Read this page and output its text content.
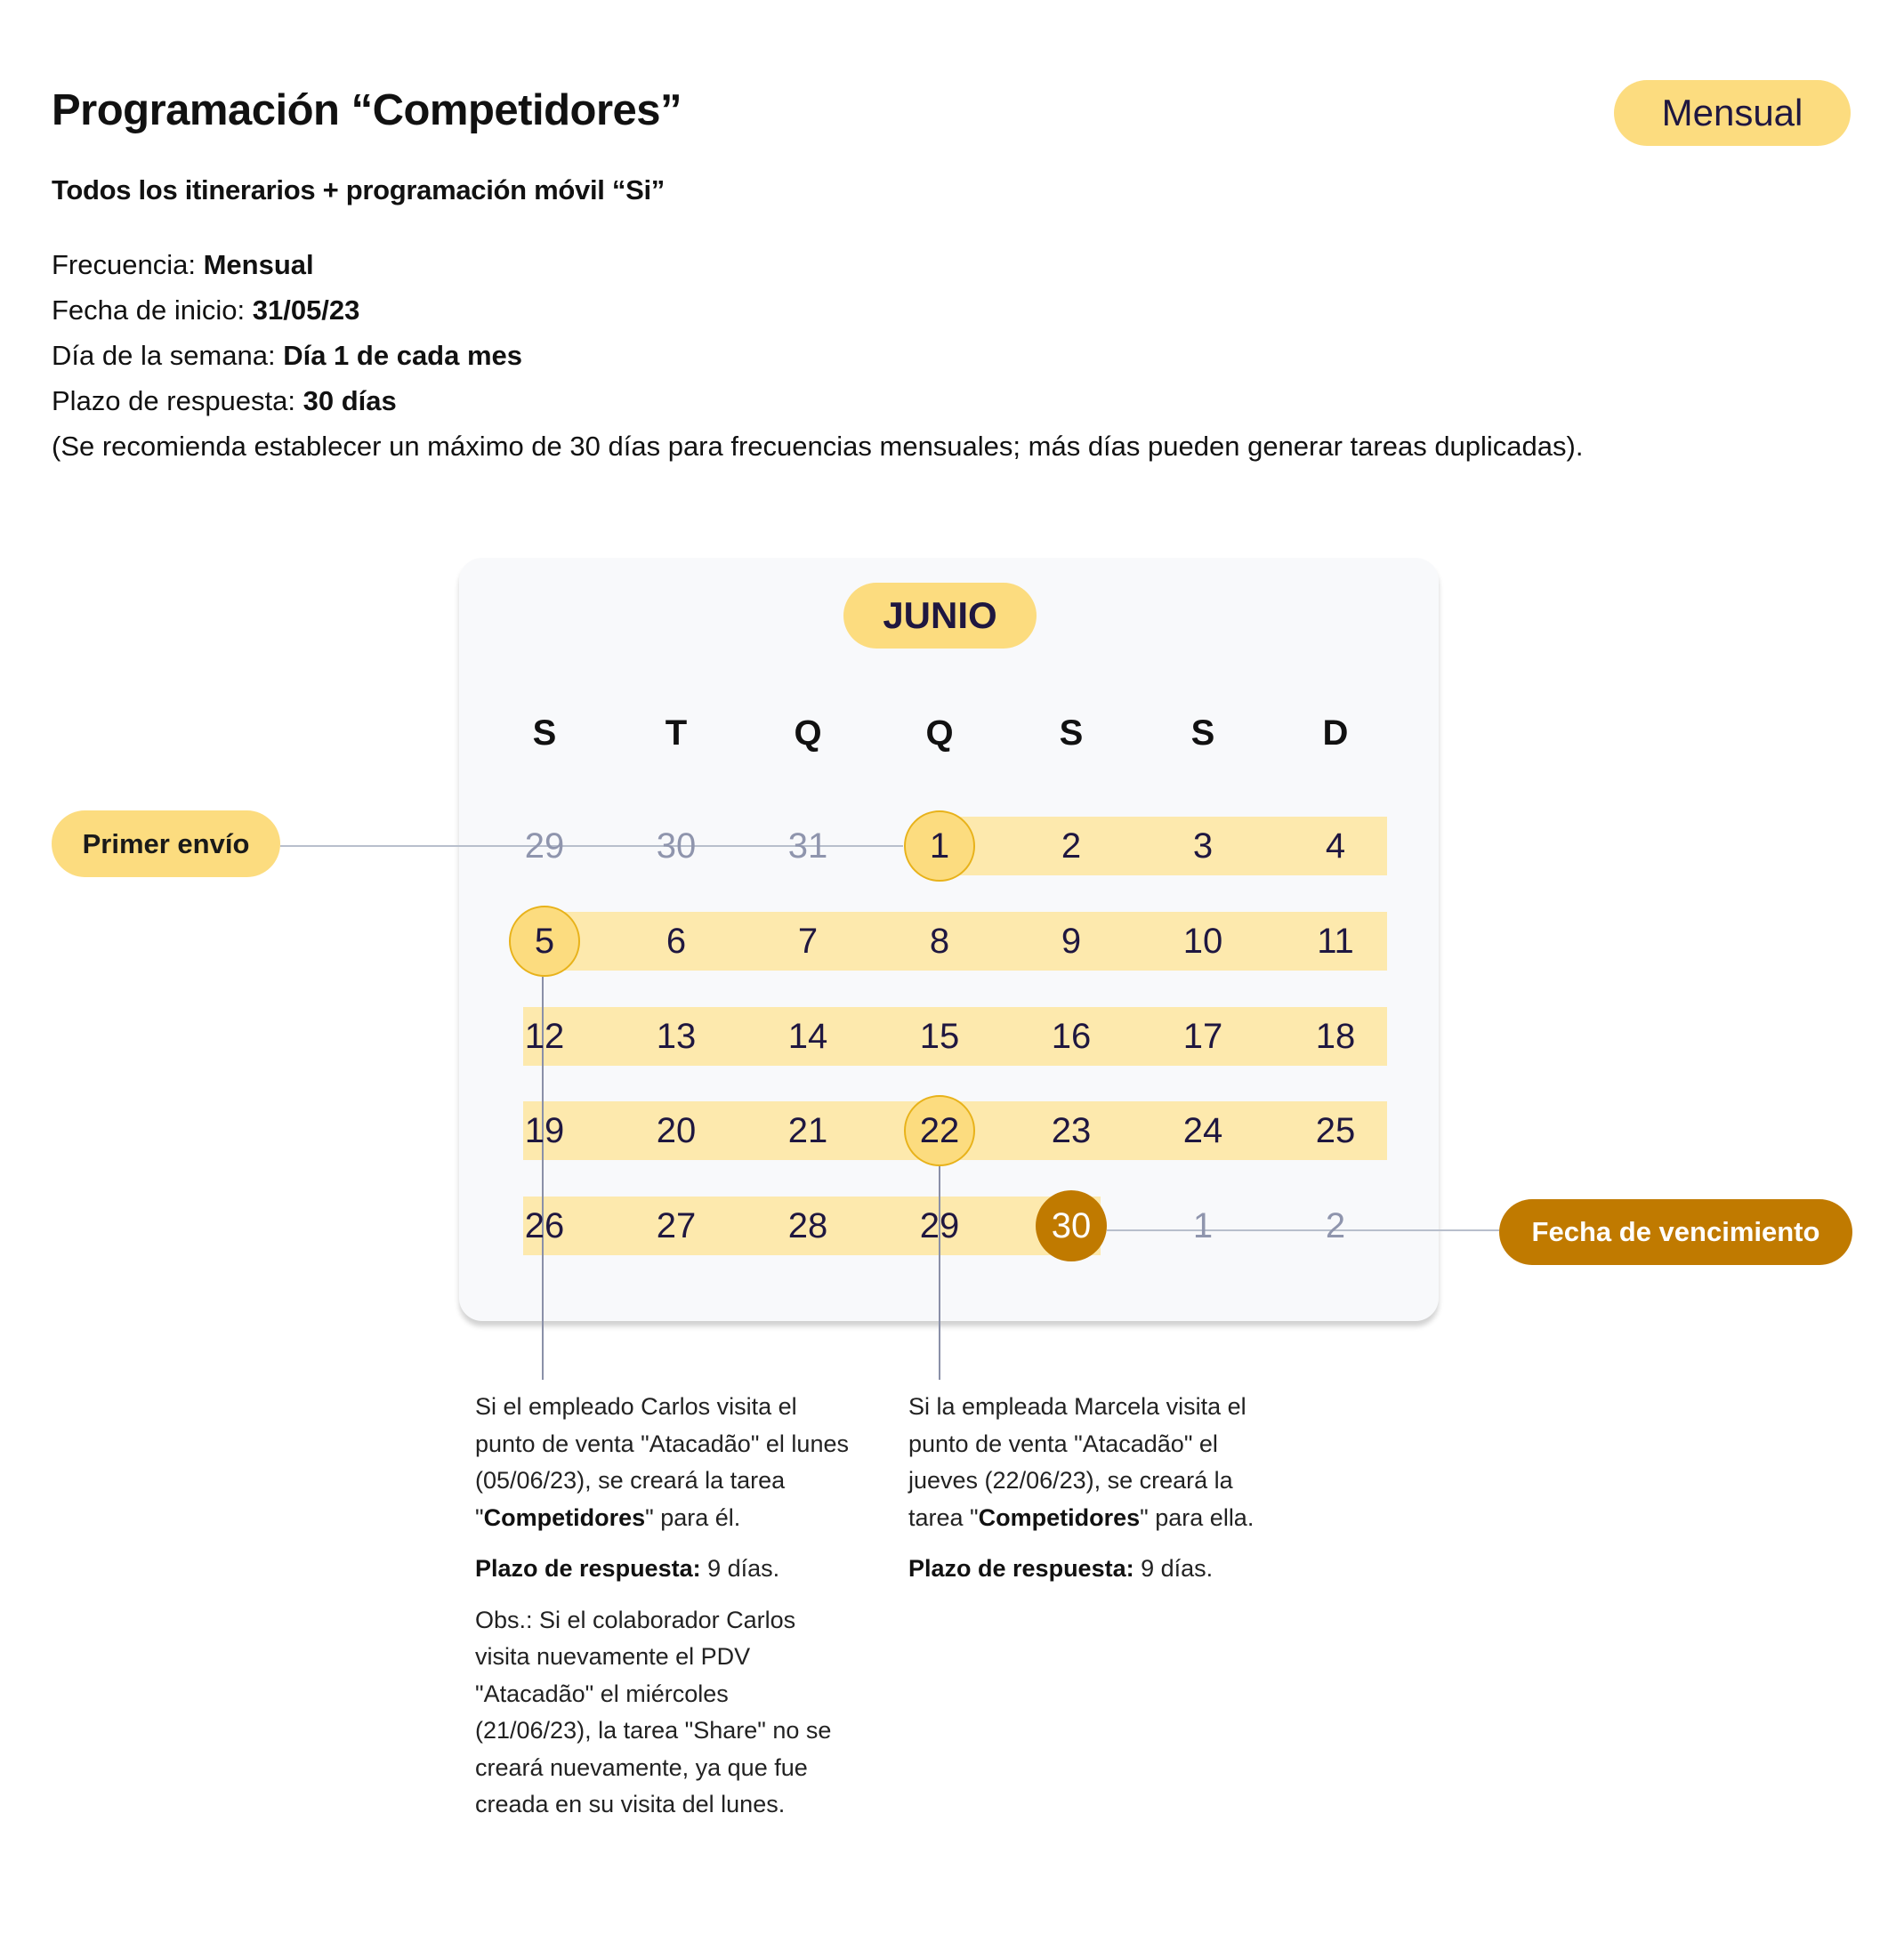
Programación “Competidores”	Mensual
Todos los itinerarios + programación móvil “Si”
Frecuencia: Mensual
Fecha de inicio: 31/05/23
Día de la semana: Día 1 de cada mes
Plazo de respuesta: 30 días
(Se recomienda establecer un máximo de 30 días para frecuencias mensuales; más días pueden generar tareas duplicadas).
JUNIO
S	T	Q	Q	S	S	D
29	30	31	1	2	3	4
5	6	7	8	9	10	11
12	13	14	15	16	17	18
19	20	21	22	23	24	25
26	27	28	29	30	1	2
Primer envío
Fecha de vencimiento

Si el empleado Carlos visita el
punto de venta "Atacadão" el lunes
(05/06/23), se creará la tarea
"Competidores" para él.

Plazo de respuesta: 9 días.

Obs.: Si el colaborador Carlos
visita nuevamente el PDV
"Atacadão" el miércoles
(21/06/23), la tarea "Share" no se
creará nuevamente, ya que fue
creada en su visita del lunes.

Si la empleada Marcela visita el
punto de venta "Atacadão" el
jueves (22/06/23), se creará la
tarea "Competidores" para ella.

Plazo de respuesta: 9 días.
